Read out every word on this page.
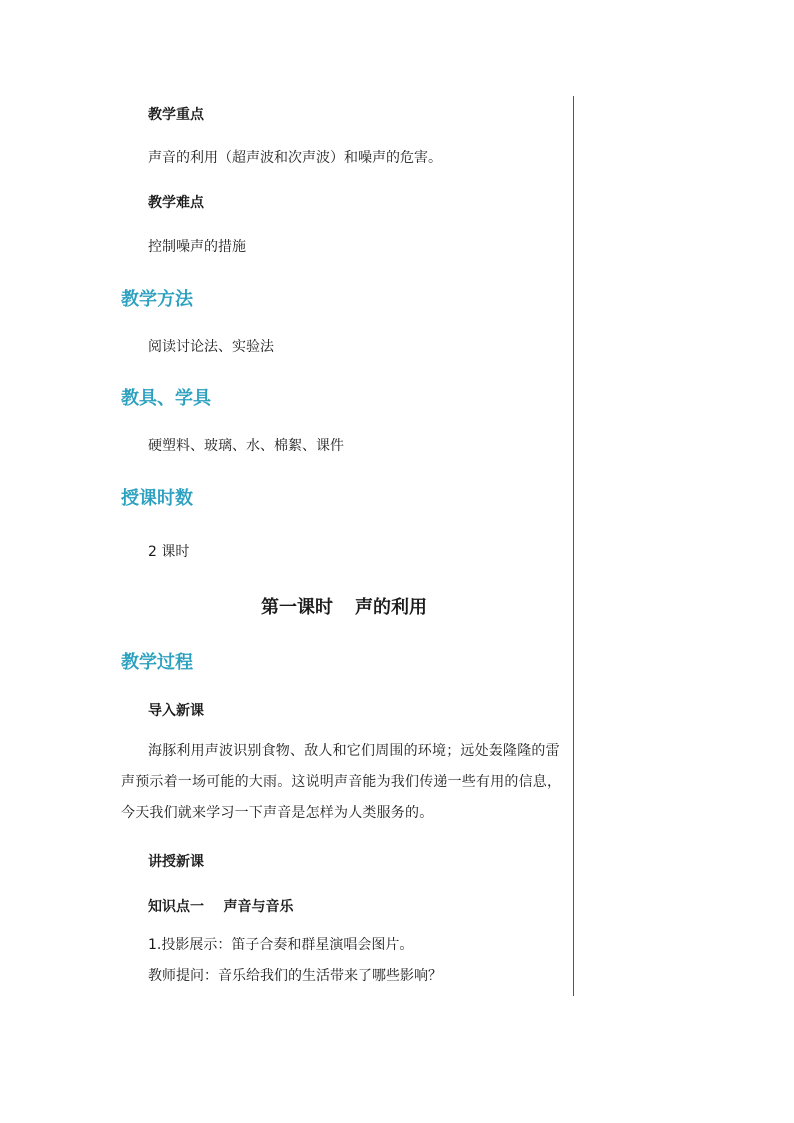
教学重点
声音的利用（超声波和次声波）和噪声的危害。
教学难点
控制噪声的措施
教学方法
阅读讨论法、实验法
教具、学具
硬塑料、玻璃、水、棉絮、课件
授课时数
2 课时
第一课时 声的利用
教学过程
导入新课
海豚利用声波识别食物、敌人和它们周围的环境；远处轰隆隆的雷声预示着一场可能的大雨。这说明声音能为我们传递一些有用的信息，今天我们就来学习一下声音是怎样为人类服务的。
讲授新课
知识点一    声音与音乐
1.投影展示：笛子合奏和群星演唱会图片。
教师提问：音乐给我们的生活带来了哪些影响？
